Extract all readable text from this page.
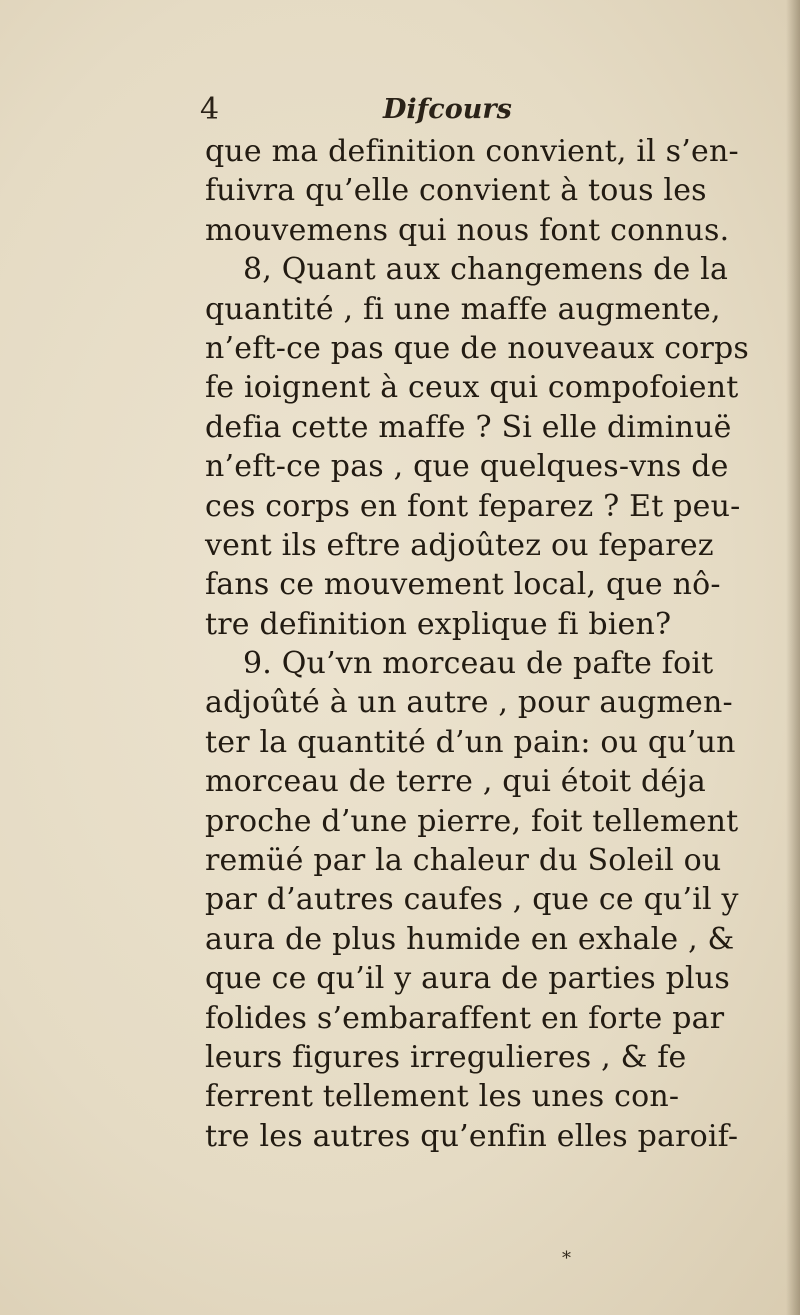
4	Difcours
que ma definition convient, il s’en-
fuivra qu’elle convient à tous les
mouvemens qui nous font connus.
8, Quant aux changemens de la
quantité , fi une maffe augmente,
n’eft-ce pas que de nouveaux corps
fe ioignent à ceux qui compofoient
defia cette maffe ? Si elle diminuë
n’eft-ce pas , que quelques-vns de
ces corps en font feparez ? Et peu-
vent ils eftre adjoûtez ou feparez
fans ce mouvement local, que nô-
tre definition explique fi bien?
9. Qu’vn morceau de pafte foit
adjoûté à un autre , pour augmen-
ter la quantité d’un pain: ou qu’un
morceau de terre , qui étoit déja
proche d’une pierre, foit tellement
remüé par la chaleur du Soleil ou
par d’autres caufes , que ce qu’il y
aura de plus humide en exhale , &
que ce qu’il y aura de parties plus
folides s’embaraffent en forte par
leurs figures irregulieres , & fe
ferrent tellement les unes con-
tre les autres qu’enfin elles paroif-
*
